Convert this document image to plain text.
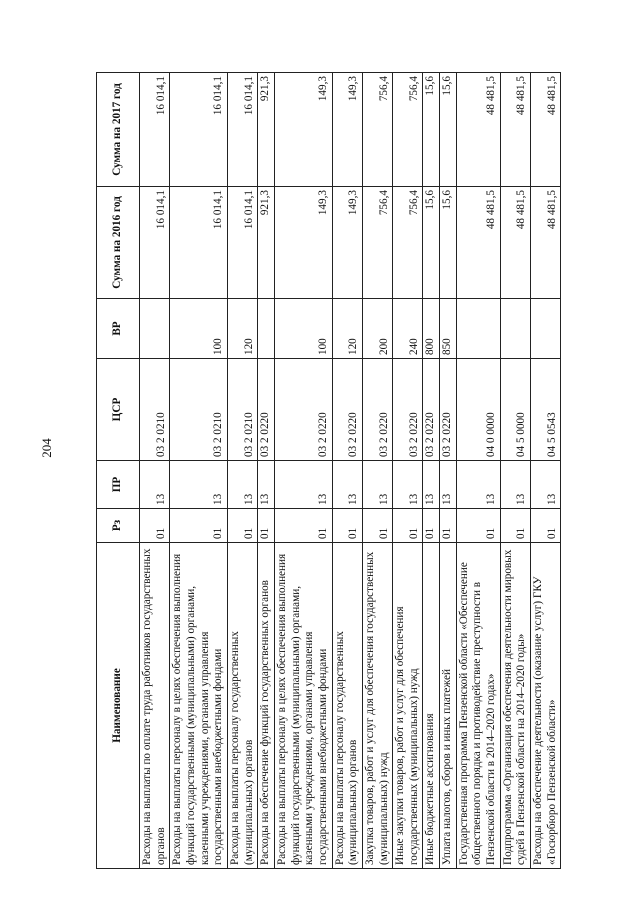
204
Наименование	Рз	ПР	ЦСР	ВР	Сумма на 2016 год	Сумма на 2017 год
Расходы на выплаты по оплате труда работников государственных органов	01	13	03 2 0210		16 014,1	16 014,1
Расходы на выплаты персоналу в целях обеспечения выполнения функций государственными (муниципальными) органами, казенными учреждениями, органами управления государственными внебюджетными фондами	01	13	03 2 0210	100	16 014,1	16 014,1
Расходы на выплаты персоналу государственных (муниципальных) органов	01	13	03 2 0210	120	16 014,1	16 014,1
Расходы на обеспечение функций государственных органов	01	13	03 2 0220		921,3	921,3
Расходы на выплаты персоналу в целях обеспечения выполнения функций государственными (муниципальными) органами, казенными учреждениями, органами управления государственными внебюджетными фондами	01	13	03 2 0220	100	149,3	149,3
Расходы на выплаты персоналу государственных (муниципальных) органов	01	13	03 2 0220	120	149,3	149,3
Закупка товаров, работ и услуг для обеспечения государственных (муниципальных) нужд	01	13	03 2 0220	200	756,4	756,4
Иные закупки товаров, работ и услуг для обеспечения государственных (муниципальных) нужд	01	13	03 2 0220	240	756,4	756,4
Иные бюджетные ассигнования	01	13	03 2 0220	800	15,6	15,6
Уплата налогов, сборов и иных платежей	01	13	03 2 0220	850	15,6	15,6
Государственная программа Пензенской области «Обеспечение общественного порядка и противодействие преступности в Пензенской области в 2014–2020 годах»	01	13	04 0 0000		48 481,5	48 481,5
Подпрограмма «Организация обеспечения деятельности мировых судей в Пензенской области на 2014–2020 годы»	01	13	04 5 0000		48 481,5	48 481,5
Расходы на обеспечение деятельности (оказание услуг) ГКУ «Госюрбюро Пензенской области»	01	13	04 5 0543		48 481,5	48 481,5
